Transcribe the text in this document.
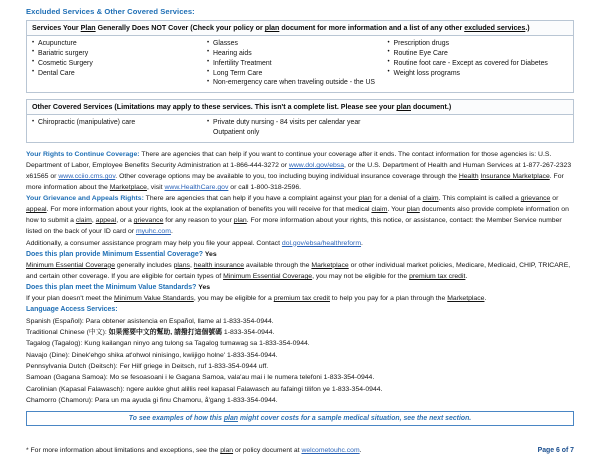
Excluded Services & Other Covered Services:
Services Your Plan Generally Does NOT Cover (Check your policy or plan document for more information and a list of any other excluded services.)

• Acupuncture
• Bariatric surgery
• Cosmetic Surgery
• Dental Care

• Glasses
• Hearing aids
• Infertility Treatment
• Long Term Care
• Non-emergency care when traveling outside - the US

• Prescription drugs
• Routine Eye Care
• Routine foot care - Except as covered for Diabetes
• Weight loss programs
Other Covered Services (Limitations may apply to these services. This isn't a complete list. Please see your plan document.)

• Chiropractic (manipulative) care

•Private duty nursing - 84 visits per calendar year
Outpatient only

Your Rights to Continue Coverage: There are agencies that can help if you want to continue your coverage after it ends. The contact information for those agencies is: U.S. Department of Labor, Employee Benefits Security Administration at 1-866-444-3272 or www.dol.gov/ebsa, or the U.S. Department of Health and Human Services at 1-877-267-2323 x61565 or www.cciio.cms.gov. Other coverage options may be available to you, too including buying individual insurance coverage through the Health Insurance Marketplace. For more information about the Marketplace, visit www.HealthCare.gov or call 1-800-318-2596.

Your Grievance and Appeals Rights: There are agencies that can help if you have a complaint against your plan for a denial of a claim. This complaint is called a grievance or appeal. For more information about your rights, look at the explanation of benefits you will receive for that medical claim. Your plan documents also provide complete information on how to submit a claim, appeal, or a grievance for any reason to your plan. For more information about your rights, this notice, or assistance, contact: the Member Service number listed on the back of your ID card or myuhc.com.

Additionally, a consumer assistance program may help you file your appeal. Contact dol.gov/ebsa/healthreform.

Does this plan provide Minimum Essential Coverage? Yes

Minimum Essential Coverage generally includes plans, health insurance available through the Marketplace or other individual market policies, Medicare, Medicaid, CHIP, TRICARE, and certain other coverage. If you are eligible for certain types of Minimum Essential Coverage, you may not be eligible for the premium tax credit.

Does this plan meet the Minimum Value Standards? Yes

If your plan doesn't meet the Minimum Value Standards, you may be eligible for a premium tax credit to help you pay for a plan through the Marketplace.

Language Access Services:

Spanish (Español): Para obtener asistencia en Español, llame al 1-833-354-0944.

Traditional Chinese (中文): 如果需要中文的幫助, 請撥打這個號碼 1-833-354-0944.

Tagalog (Tagalog): Kung kailangan ninyo ang tulong sa Tagalog tumawag sa 1-833-354-0944.

Navajo (Dine): Dinek'ehgo shika at'ohwol ninisingo, kwiijigo holne' 1-833-354-0944.

Pennsylvania Dutch (Deitsch): Fer Hilf griege in Deitsch, ruf 1-833-354-0944 uff.

Samoan (Gagana Samoa): Mo se fesoasoani i le Gagana Samoa, vala'au mai i le numera telefoni 1-833-354-0944.

Carolinian (Kapasal Falawasch): ngere aukke ghut alillis reel kapasal Falawasch au fafaingi tilifon ye 1-833-354-0944.

Chamorro (Chamoru): Para un ma ayuda gi finu Chamoru, å'gang 1-833-354-0944.

To see examples of how this plan might cover costs for a sample medical situation, see the next section.
* For more information about limitations and exceptions, see the plan or policy document at welcometouhc.com.	Page 6 of 7
